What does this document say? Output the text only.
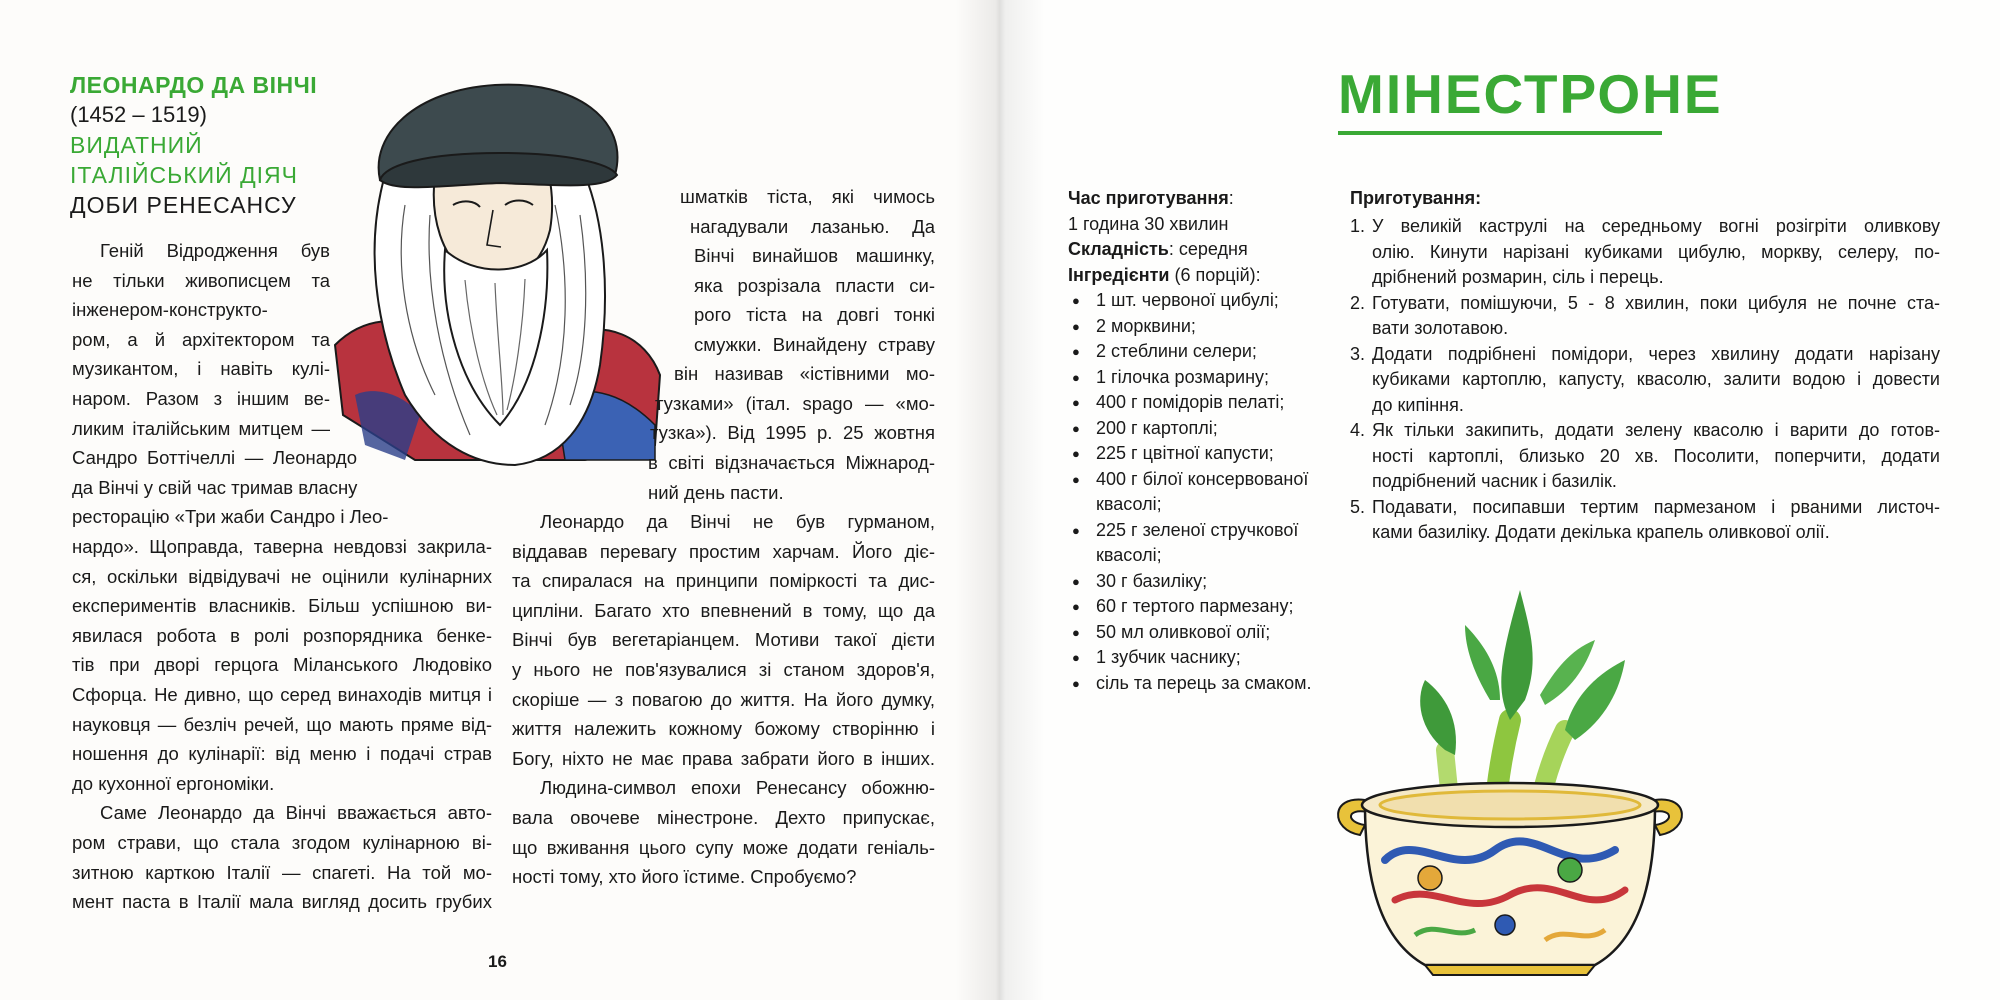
ЛЕОНАРДО ДА ВІНЧІ
(1452 – 1519)
ВИДАТНИЙ ІТАЛІЙСЬКИЙ ДІЯЧ
ДОБИ РЕНЕСАНСУ
Геній Відродження був
не тільки живописцем та
інженером-конструкто-
ром, а й архітектором та
музикантом, і навіть кулі-
наром. Разом з іншим ве-
ликим італійським митцем —
Сандро Боттічеллі — Леонардо
да Вінчі у свій час тримав власну
ресторацію «Три жаби Сандро і Лео-
нардо». Щоправда, таверна невдовзі закрила-
ся, оскільки відвідувачі не оцінили кулінарних
експериментів власників. Більш успішною ви-
явилася робота в ролі розпорядника бенке-
тів при дворі герцога Міланського Людовіко
Сфорца. Не дивно, що серед винаходів митця і
науковця — безліч речей, що мають пряме від-
ношення до кулінарії: від меню і подачі страв
до кухонної ергономіки.
Саме Леонардо да Вінчі вважається авто-
ром страви, що стала згодом кулінарною ві-
зитною карткою Італії — спагеті. На той мо-
мент паста в Італії мала вигляд досить грубих
шматків тіста, які чимось
нагадували лазанью. Да
Вінчі винайшов машинку,
яка розрізала пласти си-
рого тіста на довгі тонкі
смужки. Винайдену страву
він називав «істівними мо-
тузками» (італ. spago — «мо-
тузка»). Від 1995 р. 25 жовтня
в світі відзначається Міжнарод-
ний день пасти.
Леонардо да Вінчі не був гурманом,
віддавав перевагу простим харчам. Його діє-
та спиралася на принципи поміркості та дис-
ципліни. Багато хто впевнений в тому, що да
Вінчі був вегетаріанцем. Мотиви такої дієти
у нього не пов'язувалися зі станом здоров'я,
скоріше — з повагою до життя. На його думку,
життя належить кожному божому створінню і
Богу, ніхто не має права забрати його в інших.
Людина-символ епохи Ренесансу обожню-
вала овочеве мінестроне. Дехто припускає,
що вживання цього супу може додати геніаль-
ності тому, хто його їстиме. Спробуємо?
16
МІНЕСТРОНЕ
Час приготування:
1 година 30 хвилин
Складність: середня
Інгредієнти (6 порцій):
● 1 шт. червоної цибулі;
● 2 морквини;
● 2 стеблини селери;
● 1 гілочка розмарину;
● 400 г помідорів пелаті;
● 200 г картоплі;
● 225 г цвітної капусти;
● 400 г білої консервованої
квасолі;
● 225 г зеленої стручкової
квасолі;
● 30 г базиліку;
● 60 г тертого пармезану;
● 50 мл оливкової олії;
● 1 зубчик часнику;
● сіль та перець за смаком.
Приготування:
1. У великій каструлі на середньому вогні розігріти оливкову
олію. Кинути нарізані кубиками цибулю, моркву, селеру, по-
дрібнений розмарин, сіль і перець.
2. Готувати, помішуючи, 5 - 8 хвилин, поки цибуля не почне ста-
вати золотавою.
3. Додати подрібнені помідори, через хвилину додати нарізану
кубиками картоплю, капусту, квасолю, залити водою і довести
до кипіння.
4. Як тільки закипить, додати зелену квасолю і варити до готов-
ності картоплі, близько 20 хв. Посолити, поперчити, додати
подрібнений часник і базилік.
5. Подавати, посипавши тертим пармезаном і рваними листоч-
ками базиліку. Додати декілька крапель оливкової олії.
